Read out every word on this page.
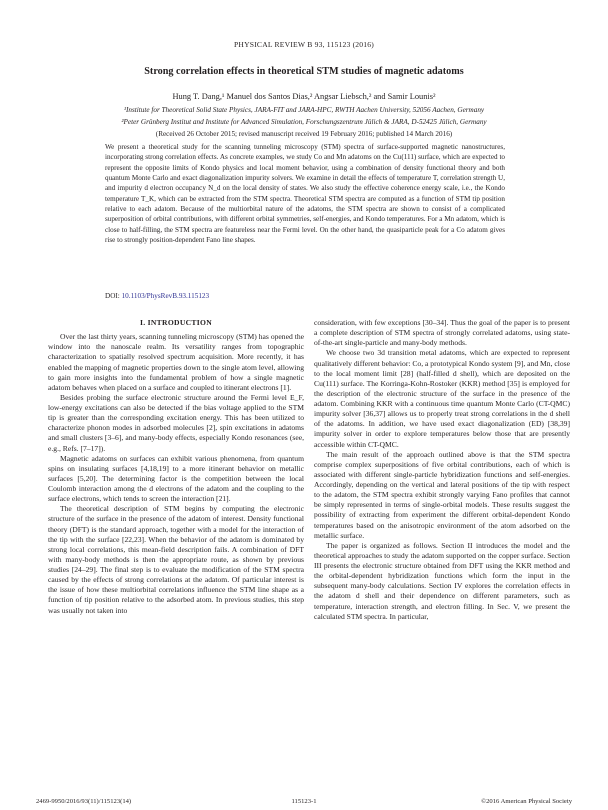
PHYSICAL REVIEW B 93, 115123 (2016)
Strong correlation effects in theoretical STM studies of magnetic adatoms
Hung T. Dang,¹ Manuel dos Santos Dias,² Angsar Liebsch,² and Samir Lounis²
¹Institute for Theoretical Solid State Physics, JARA-FIT and JARA-HPC, RWTH Aachen University, 52056 Aachen, Germany
²Peter Grünberg Institut and Institute for Advanced Simulation, Forschungszentrum Jülich & JARA, D-52425 Jülich, Germany
(Received 26 October 2015; revised manuscript received 19 February 2016; published 14 March 2016)
We present a theoretical study for the scanning tunneling microscopy (STM) spectra of surface-supported magnetic nanostructures, incorporating strong correlation effects. As concrete examples, we study Co and Mn adatoms on the Cu(111) surface, which are expected to represent the opposite limits of Kondo physics and local moment behavior, using a combination of density functional theory and both quantum Monte Carlo and exact diagonalization impurity solvers. We examine in detail the effects of temperature T, correlation strength U, and impurity d electron occupancy N_d on the local density of states. We also study the effective coherence energy scale, i.e., the Kondo temperature T_K, which can be extracted from the STM spectra. Theoretical STM spectra are computed as a function of STM tip position relative to each adatom. Because of the multiorbital nature of the adatoms, the STM spectra are shown to consist of a complicated superposition of orbital contributions, with different orbital symmetries, self-energies, and Kondo temperatures. For a Mn adatom, which is close to half-filling, the STM spectra are featureless near the Fermi level. On the other hand, the quasiparticle peak for a Co adatom gives rise to strongly position-dependent Fano line shapes.
DOI: 10.1103/PhysRevB.93.115123

I. INTRODUCTION

Over the last thirty years, scanning tunneling microscopy (STM) has opened the window into the nanoscale realm. Its versatility ranges from topographic characterization to spatially resolved spectrum acquisition. More recently, it has enabled the mapping of magnetic properties down to the single atom level, allowing to gain more insights into the fundamental problem of how a single magnetic adatom behaves when placed on a surface and coupled to itinerant electrons [1].

Besides probing the surface electronic structure around the Fermi level E_F, low-energy excitations can also be detected if the bias voltage applied to the STM tip is greater than the corresponding excitation energy. This has been utilized to characterize phonon modes in adsorbed molecules [2], spin excitations in adatoms and small clusters [3–6], and many-body effects, especially Kondo resonances (see, e.g., Refs. [7–17]).

Magnetic adatoms on surfaces can exhibit various phenomena, from quantum spins on insulating surfaces [4,18,19] to a more itinerant behavior on metallic surfaces [5,20]. The determining factor is the competition between the local Coulomb interaction among the d electrons of the adatom and the coupling to the surface electrons, which tends to screen the interaction [21].

The theoretical description of STM begins by computing the electronic structure of the surface in the presence of the adatom of interest. Density functional theory (DFT) is the standard approach, together with a model for the interaction of the tip with the surface [22,23]. When the behavior of the adatom is dominated by strong local correlations, this mean-field description fails. A combination of DFT with many-body methods is then the appropriate route, as shown by previous studies [24–29]. The final step is to evaluate the modification of the STM spectra caused by the effects of strong correlations at the adatom. Of particular interest is the issue of how these multiorbital correlations influence the STM line shape as a function of tip position relative to the adsorbed atom. In previous studies, this step was usually not taken into

consideration, with few exceptions [30–34]. Thus the goal of the paper is to present a complete description of STM spectra of strongly correlated adatoms, using state-of-the-art single-particle and many-body methods.

We choose two 3d transition metal adatoms, which are expected to represent qualitatively different behavior: Co, a prototypical Kondo system [9], and Mn, close to the local moment limit [28] (half-filled d shell), which are deposited on the Cu(111) surface. The Korringa-Kohn-Rostoker (KKR) method [35] is employed for the description of the electronic structure of the surface in the presence of the adatom. Combining KKR with a continuous time quantum Monte Carlo (CT-QMC) impurity solver [36,37] allows us to properly treat strong correlations in the d shell of the adatoms. In addition, we have used exact diagonalization (ED) [38,39] impurity solver in order to explore temperatures below those that are presently accessible within CT-QMC.

The main result of the approach outlined above is that the STM spectra comprise complex superpositions of five orbital contributions, each of which is associated with different single-particle hybridization functions and self-energies. Accordingly, depending on the vertical and lateral positions of the tip with respect to the adatom, the STM spectra exhibit strongly varying Fano profiles that cannot be simply represented in terms of single-orbital models. These results suggest the possibility of extracting from experiment the different orbital-dependent Kondo temperatures based on the anisotropic environment of the atom adsorbed on the metallic surface.

The paper is organized as follows. Section II introduces the model and the theoretical approaches to study the adatom supported on the copper surface. Section III presents the electronic structure obtained from DFT using the KKR method and the orbital-dependent hybridization functions which form the input in the subsequent many-body calculations. Section IV explores the correlation effects in the adatom d shell and their dependence on different parameters, such as temperature, interaction strength, and electron filling. In Sec. V, we present the calculated STM spectra. In particular,

2469-9950/2016/93(11)/115123(14)	115123-1	©2016 American Physical Society
